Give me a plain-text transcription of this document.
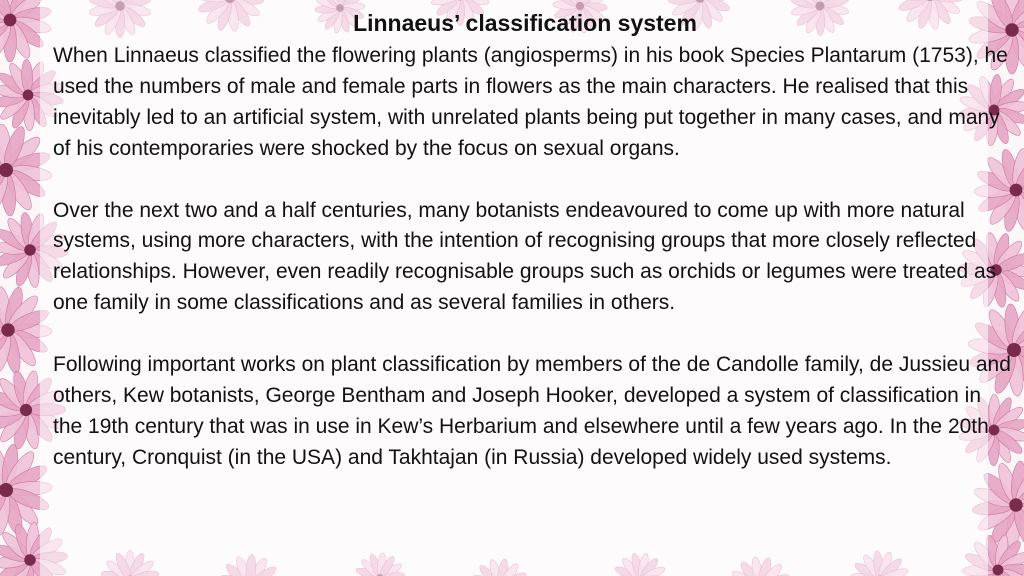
Linnaeus’ classification system

When Linnaeus classified the flowering plants (angiosperms) in his book Species Plantarum (1753), he used the numbers of male and female parts in flowers as the main characters. He realised that this inevitably led to an artificial system, with unrelated plants being put together in many cases, and many of his contemporaries were shocked by the focus on sexual organs.

Over the next two and a half centuries, many botanists endeavoured to come up with more natural systems, using more characters, with the intention of recognising groups that more closely reflected relationships. However, even readily recognisable groups such as orchids or legumes were treated as one family in some classifications and as several families in others.

Following important works on plant classification by members of the de Candolle family, de Jussieu and others, Kew botanists, George Bentham and Joseph Hooker, developed a system of classification in the 19th century that was in use in Kew’s Herbarium and elsewhere until a few years ago. In the 20th century, Cronquist (in the USA) and Takhtajan (in Russia) developed widely used systems.
